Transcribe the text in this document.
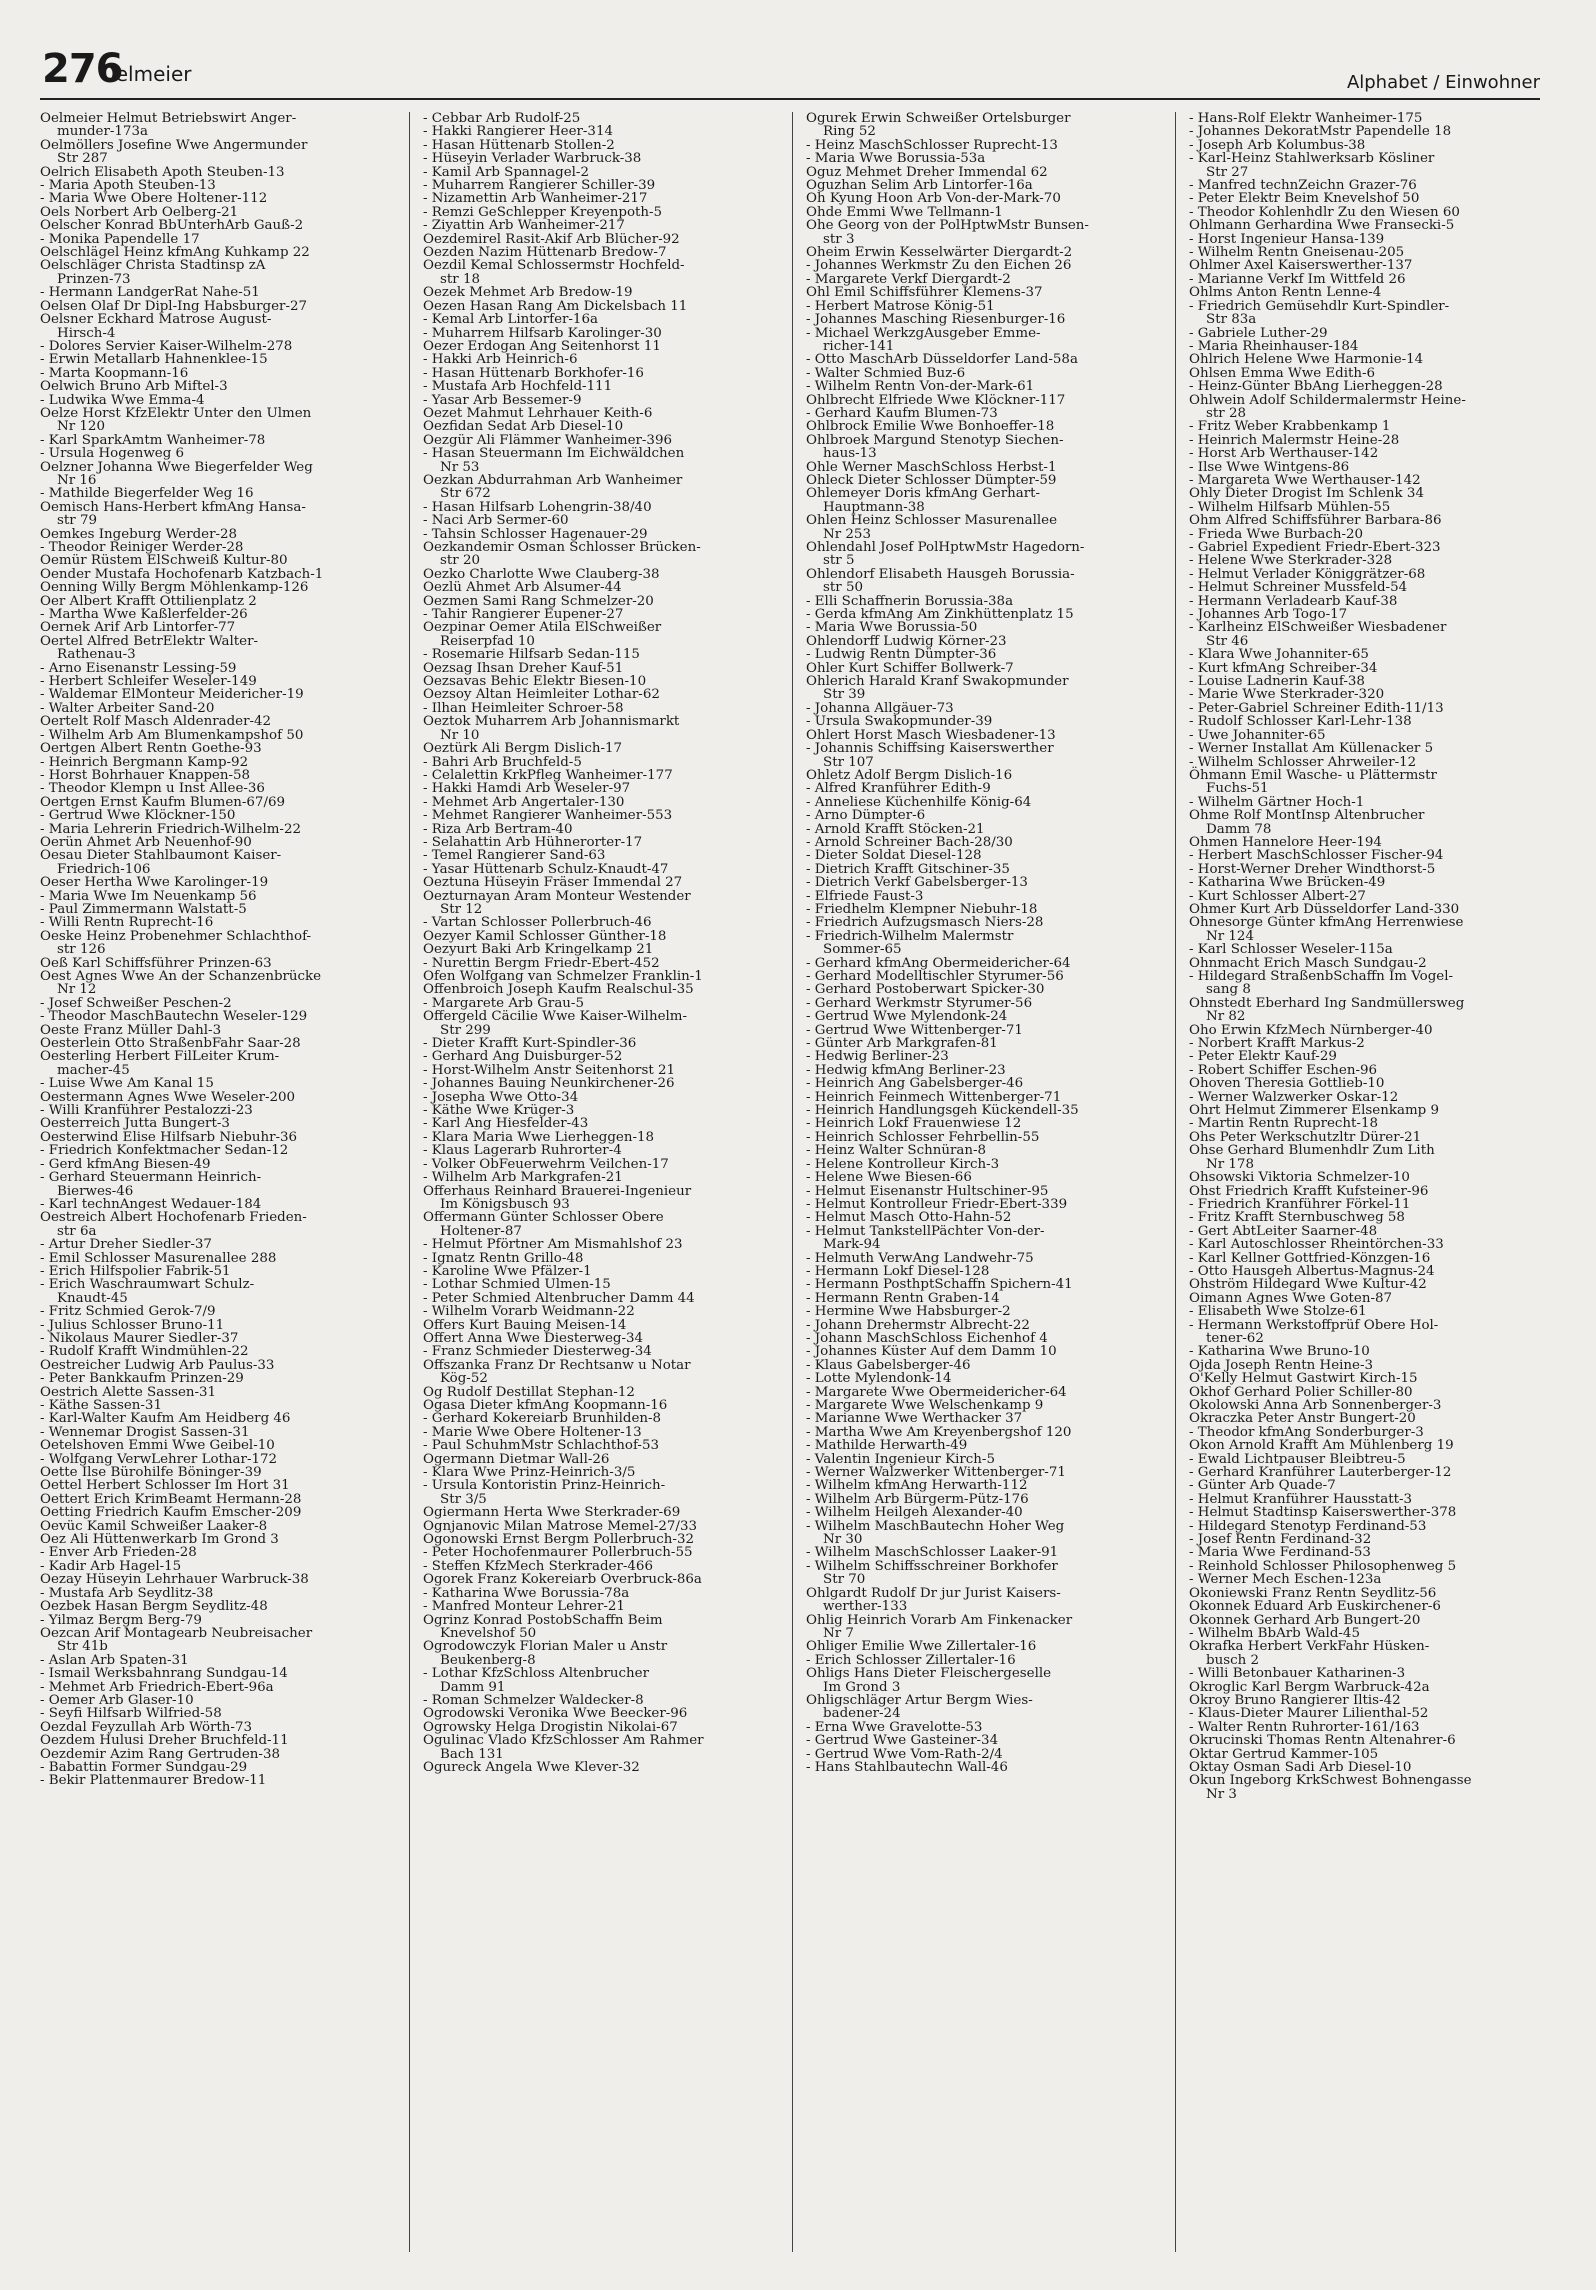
276
Oelmeier	Alphabet / Einwohner

Oelmeier Helmut Betriebswirt Anger-
munder-173a

Oelmöllers Josefine Wwe Angermunder
Str 287

Oelrich Elisabeth Apoth Steuben-13

- Maria Apoth Steuben-13

- Maria Wwe Obere Holtener-112

Oels Norbert Arb Oelberg-21

Oelscher Konrad BbUnterhArb Gauß-2

- Monika Papendelle 17

Oelschlägel Heinz kfmAng Kuhkamp 22

Oelschläger Christa Stadtinsp zA
Prinzen-73

- Hermann LandgerRat Nahe-51

Oelsen Olaf Dr Dipl-Ing Habsburger-27

Oelsner Eckhard Matrose August-
Hirsch-4

- Dolores Servier Kaiser-Wilhelm-278

- Erwin Metallarb Hahnenklee-15

- Marta Koopmann-16

Oelwich Bruno Arb Miftel-3

- Ludwika Wwe Emma-4

Oelze Horst KfzElektr Unter den Ulmen
Nr 120

- Karl SparkAmtm Wanheimer-78

- Ursula Hogenweg 6

Oelzner Johanna Wwe Biegerfelder Weg
Nr 16

- Mathilde Biegerfelder Weg 16

Oemisch Hans-Herbert kfmAng Hansa-
str 79

Oemkes Ingeburg Werder-28

- Theodor Reiniger Werder-28

Oemür Rüstem ElSchweiß Kultur-80

Oender Mustafa Hochofenarb Katzbach-1

Oenning Willy Bergm Möhlenkamp-126

Oer Albert Krafft Ottilienplatz 2

- Martha Wwe Kaßlerfelder-26

Oernek Arif Arb Lintorfer-77

Oertel Alfred BetrElektr Walter-
Rathenau-3

- Arno Eisenanstr Lessing-59

- Herbert Schleifer Weseler-149

- Waldemar ElMonteur Meidericher-19

- Walter Arbeiter Sand-20

Oertelt Rolf Masch Aldenrader-42

- Wilhelm Arb Am Blumenkampshof 50

Oertgen Albert Rentn Goethe-93

- Heinrich Bergmann Kamp-92

- Horst Bohrhauer Knappen-58

- Theodor Klempn u Inst Allee-36

Oertgen Ernst Kaufm Blumen-67/69

- Gertrud Wwe Klöckner-150

- Maria Lehrerin Friedrich-Wilhelm-22

Oerün Ahmet Arb Neuenhof-90

Oesau Dieter Stahlbaumont Kaiser-
Friedrich-106

Oeser Hertha Wwe Karolinger-19

- Maria Wwe Im Neuenkamp 56

- Paul Zimmermann Walstatt-5

- Willi Rentn Ruprecht-16

Oeske Heinz Probenehmer Schlachthof-
str 126

Oeß Karl Schiffsführer Prinzen-63

Oest Agnes Wwe An der Schanzenbrücke
Nr 12

- Josef Schweißer Peschen-2

- Theodor MaschBautechn Weseler-129

Oeste Franz Müller Dahl-3

Oesterlein Otto StraßenbFahr Saar-28

Oesterling Herbert FilLeiter Krum-
macher-45

- Luise Wwe Am Kanal 15

Oestermann Agnes Wwe Weseler-200

- Willi Kranführer Pestalozzi-23

Oesterreich Jutta Bungert-3

Oesterwind Elise Hilfsarb Niebuhr-36

- Friedrich Konfektmacher Sedan-12

- Gerd kfmAng Biesen-49

- Gerhard Steuermann Heinrich-
Bierwes-46

- Karl technAngest Wedauer-184

Oestreich Albert Hochofenarb Frieden-
str 6a

- Artur Dreher Siedler-37

- Emil Schlosser Masurenallee 288

- Erich Hilfspolier Fabrik-51

- Erich Waschraumwart Schulz-
Knaudt-45

- Fritz Schmied Gerok-7/9

- Julius Schlosser Bruno-11

- Nikolaus Maurer Siedler-37

- Rudolf Krafft Windmühlen-22

Oestreicher Ludwig Arb Paulus-33

- Peter Bankkaufm Prinzen-29

Oestrich Alette Sassen-31

- Käthe Sassen-31

- Karl-Walter Kaufm Am Heidberg 46

- Wennemar Drogist Sassen-31

Oetelshoven Emmi Wwe Geibel-10

- Wolfgang VerwLehrer Lothar-172

Oette Ilse Bürohilfe Böninger-39

Oettel Herbert Schlosser Im Hort 31

Oettert Erich KrimBeamt Hermann-28

Oetting Friedrich Kaufm Emscher-209

Oevüc Kamil Schweißer Laaker-8

Oez Ali Hüttenwerkarb Im Grond 3

- Enver Arb Frieden-28

- Kadir Arb Hagel-15

Oezay Hüseyin Lehrhauer Warbruck-38

- Mustafa Arb Seydlitz-38

Oezbek Hasan Bergm Seydlitz-48

- Yilmaz Bergm Berg-79

Oezcan Arif Montagearb Neubreisacher
Str 41b

- Aslan Arb Spaten-31

- Ismail Werksbahnrang Sundgau-14

- Mehmet Arb Friedrich-Ebert-96a

- Oemer Arb Glaser-10

- Seyfi Hilfsarb Wilfried-58

Oezdal Feyzullah Arb Wörth-73

Oezdem Hulusi Dreher Bruchfeld-11

Oezdemir Azim Rang Gertruden-38

- Babattin Former Sundgau-29

- Bekir Plattenmaurer Bredow-11

- Cebbar Arb Rudolf-25

- Hakki Rangierer Heer-314

- Hasan Hüttenarb Stollen-2

- Hüseyin Verlader Warbruck-38

- Kamil Arb Spannagel-2

- Muharrem Rangierer Schiller-39

- Nizamettin Arb Wanheimer-217

- Remzi GeSchlepper Kreyenpoth-5

- Ziyattin Arb Wanheimer-217

Oezdemirel Rasit-Akif Arb Blücher-92

Oezden Nazim Hüttenarb Bredow-7

Oezdil Kemal Schlossermstr Hochfeld-
str 18

Oezek Mehmet Arb Bredow-19

Oezen Hasan Rang Am Dickelsbach 11

- Kemal Arb Lintorfer-16a

- Muharrem Hilfsarb Karolinger-30

Oezer Erdogan Ang Seitenhorst 11

- Hakki Arb Heinrich-6

- Hasan Hüttenarb Borkhofer-16

- Mustafa Arb Hochfeld-111

- Yasar Arb Bessemer-9

Oezet Mahmut Lehrhauer Keith-6

Oezfidan Sedat Arb Diesel-10

Oezgür Ali Flämmer Wanheimer-396

- Hasan Steuermann Im Eichwäldchen
Nr 53

Oezkan Abdurrahman Arb Wanheimer
Str 672

- Hasan Hilfsarb Lohengrin-38/40

- Naci Arb Sermer-60

- Tahsin Schlosser Hagenauer-29

Oezkandemir Osman Schlosser Brücken-
str 20

Oezko Charlotte Wwe Clauberg-38

Oezlü Ahmet Arb Alsumer-44

Oezmen Sami Rang Schmelzer-20

- Tahir Rangierer Eupener-27

Oezpinar Oemer Atila ElSchweißer
Reiserpfad 10

- Rosemarie Hilfsarb Sedan-115

Oezsag Ihsan Dreher Kauf-51

Oezsavas Behic Elektr Biesen-10

Oezsoy Altan Heimleiter Lothar-62

- Ilhan Heimleiter Schroer-58

Oeztok Muharrem Arb Johannismarkt
Nr 10

Oeztürk Ali Bergm Dislich-17

- Bahri Arb Bruchfeld-5

- Celalettin KrkPfleg Wanheimer-177

- Hakki Hamdi Arb Weseler-97

- Mehmet Arb Angertaler-130

- Mehmet Rangierer Wanheimer-553

- Riza Arb Bertram-40

- Selahattin Arb Hühnerorter-17

- Temel Rangierer Sand-63

- Yasar Hüttenarb Schulz-Knaudt-47

Oeztuna Hüseyin Fräser Immendal 27

Oezturnayan Aram Monteur Westender
Str 12

- Vartan Schlosser Pollerbruch-46

Oezyer Kamil Schlosser Günther-18

Oezyurt Baki Arb Kringelkamp 21

- Nurettin Bergm Friedr-Ebert-452

Ofen Wolfgang van Schmelzer Franklin-1

Offenbroich Joseph Kaufm Realschul-35

- Margarete Arb Grau-5

Offergeld Cäcilie Wwe Kaiser-Wilhelm-
Str 299

- Dieter Krafft Kurt-Spindler-36

- Gerhard Ang Duisburger-52

- Horst-Wilhelm Anstr Seitenhorst 21

- Johannes Bauing Neunkirchener-26

- Josepha Wwe Otto-34

- Käthe Wwe Krüger-3

- Karl Ang Hiesfelder-43

- Klara Maria Wwe Lierheggen-18

- Klaus Lagerarb Ruhrorter-4

- Volker ObFeuerwehrm Veilchen-17

- Wilhelm Arb Markgrafen-21

Offerhaus Reinhard Brauerei-Ingenieur
Im Königsbusch 93

Offermann Günter Schlosser Obere
Holtener-87

- Helmut Pförtner Am Mismahlshof 23

- Ignatz Rentn Grillo-48

- Karoline Wwe Pfälzer-1

- Lothar Schmied Ulmen-15

- Peter Schmied Altenbrucher Damm 44

- Wilhelm Vorarb Weidmann-22

Offers Kurt Bauing Meisen-14

Offert Anna Wwe Diesterweg-34

- Franz Schmieder Diesterweg-34

Offszanka Franz Dr Rechtsanw u Notar
Kög-52

Og Rudolf Destillat Stephan-12

Ogasa Dieter kfmAng Koopmann-16

- Gerhard Kokereiarb Brunhilden-8

- Marie Wwe Obere Holtener-13

- Paul SchuhmMstr Schlachthof-53

Ogermann Dietmar Wall-26

- Klara Wwe Prinz-Heinrich-3/5

- Ursula Kontoristin Prinz-Heinrich-
Str 3/5

Ogiermann Herta Wwe Sterkrader-69

Ognjanovic Milan Matrose Memel-27/33

Ogonowski Ernst Bergm Pollerbruch-32

- Peter Hochofenmaurer Pollerbruch-55

- Steffen KfzMech Sterkrader-466

Ogorek Franz Kokereiarb Overbruck-86a

- Katharina Wwe Borussia-78a

- Manfred Monteur Lehrer-21

Ogrinz Konrad PostobSchaffn Beim
Knevelshof 50

Ogrodowczyk Florian Maler u Anstr
Beukenberg-8

- Lothar KfzSchloss Altenbrucher
Damm 91

- Roman Schmelzer Waldecker-8

Ogrodowski Veronika Wwe Beecker-96

Ogrowsky Helga Drogistin Nikolai-67

Ogulinac Vlado KfzSchlosser Am Rahmer
Bach 131

Ogureck Angela Wwe Klever-32

Ogurek Erwin Schweißer Ortelsburger
Ring 52

- Heinz MaschSchlosser Ruprecht-13

- Maria Wwe Borussia-53a

Oguz Mehmet Dreher Immendal 62

Oguzhan Selim Arb Lintorfer-16a

Oh Kyung Hoon Arb Von-der-Mark-70

Ohde Emmi Wwe Tellmann-1

Ohe Georg von der PolHptwMstr Bunsen-
str 3

Oheim Erwin Kesselwärter Diergardt-2

- Johannes Werkmstr Zu den Eichen 26

- Margarete Verkf Diergardt-2

Ohl Emil Schiffsführer Klemens-37

- Herbert Matrose König-51

- Johannes Masching Riesenburger-16

- Michael WerkzgAusgeber Emme-
richer-141

- Otto MaschArb Düsseldorfer Land-58a

- Walter Schmied Buz-6

- Wilhelm Rentn Von-der-Mark-61

Ohlbrecht Elfriede Wwe Klöckner-117

- Gerhard Kaufm Blumen-73

Ohlbrock Emilie Wwe Bonhoeffer-18

Ohlbroek Margund Stenotyp Siechen-
haus-13

Ohle Werner MaschSchloss Herbst-1

Ohleck Dieter Schlosser Dümpter-59

Ohlemeyer Doris kfmAng Gerhart-
Hauptmann-38

Ohlen Heinz Schlosser Masurenallee
Nr 253

Ohlendahl Josef PolHptwMstr Hagedorn-
str 5

Ohlendorf Elisabeth Hausgeh Borussia-
str 50

- Elli Schaffnerin Borussia-38a

- Gerda kfmAng Am Zinkhüttenplatz 15

- Maria Wwe Borussia-50

Ohlendorff Ludwig Körner-23

- Ludwig Rentn Dümpter-36

Ohler Kurt Schiffer Bollwerk-7

Ohlerich Harald Kranf Swakopmunder
Str 39

- Johanna Allgäuer-73

- Ursula Swakopmunder-39

Ohlert Horst Masch Wiesbadener-13

- Johannis Schiffsing Kaiserswerther
Str 107

Ohletz Adolf Bergm Dislich-16

- Alfred Kranführer Edith-9

- Anneliese Küchenhilfe König-64

- Arno Dümpter-6

- Arnold Krafft Stöcken-21

- Arnold Schreiner Bach-28/30

- Dieter Soldat Diesel-128

- Dietrich Krafft Gitschiner-35

- Dietrich Verkf Gabelsberger-13

- Elfriede Faust-3

- Friedhelm Klempner Niebuhr-18

- Friedrich Aufzugsmasch Niers-28

- Friedrich-Wilhelm Malermstr
Sommer-65

- Gerhard kfmAng Obermeidericher-64

- Gerhard Modelltischler Styrumer-56

- Gerhard Postoberwart Spicker-30

- Gerhard Werkmstr Styrumer-56

- Gertrud Wwe Mylendonk-24

- Gertrud Wwe Wittenberger-71

- Günter Arb Markgrafen-81

- Hedwig Berliner-23

- Hedwig kfmAng Berliner-23

- Heinrich Ang Gabelsberger-46

- Heinrich Feinmech Wittenberger-71

- Heinrich Handlungsgeh Kückendell-35

- Heinrich Lokf Frauenwiese 12

- Heinrich Schlosser Fehrbellin-55

- Heinz Walter Schnüran-8

- Helene Kontrolleur Kirch-3

- Helene Wwe Biesen-66

- Helmut Eisenanstr Hultschiner-95

- Helmut Kontrolleur Friedr-Ebert-339

- Helmut Masch Otto-Hahn-52

- Helmut TankstellPächter Von-der-
Mark-94

- Helmuth VerwAng Landwehr-75

- Hermann Lokf Diesel-128

- Hermann PosthptSchaffn Spichern-41

- Hermann Rentn Graben-14

- Hermine Wwe Habsburger-2

- Johann Drehermstr Albrecht-22

- Johann MaschSchloss Eichenhof 4

- Johannes Küster Auf dem Damm 10

- Klaus Gabelsberger-46

- Lotte Mylendonk-14

- Margarete Wwe Obermeidericher-64

- Margarete Wwe Welschenkamp 9

- Marianne Wwe Werthacker 37

- Martha Wwe Am Kreyenbergshof 120

- Mathilde Herwarth-49

- Valentin Ingenieur Kirch-5

- Werner Walzwerker Wittenberger-71

- Wilhelm kfmAng Herwarth-112

- Wilhelm Arb Bürgerm-Pütz-176

- Wilhelm Heilgeh Alexander-40

- Wilhelm MaschBautechn Hoher Weg
Nr 30

- Wilhelm MaschSchlosser Laaker-91

- Wilhelm Schiffsschreiner Borkhofer
Str 70

Ohlgardt Rudolf Dr jur Jurist Kaisers-
werther-133

Ohlig Heinrich Vorarb Am Finkenacker
Nr 7

Ohliger Emilie Wwe Zillertaler-16

- Erich Schlosser Zillertaler-16

Ohligs Hans Dieter Fleischergeselle
Im Grond 3

Ohligschläger Artur Bergm Wies-
badener-24

- Erna Wwe Gravelotte-53

- Gertrud Wwe Gasteiner-34

- Gertrud Wwe Vom-Rath-2/4

- Hans Stahlbautechn Wall-46

- Hans-Rolf Elektr Wanheimer-175

- Johannes DekoratMstr Papendelle 18

- Joseph Arb Kolumbus-38

- Karl-Heinz Stahlwerksarb Kösliner
Str 27

- Manfred technZeichn Grazer-76

- Peter Elektr Beim Knevelshof 50

- Theodor Kohlenhdlr Zu den Wiesen 60

Ohlmann Gerhardina Wwe Fransecki-5

- Horst Ingenieur Hansa-139

- Wilhelm Rentn Gneisenau-205

Ohlmer Axel Kaiserswerther-137

- Marianne Verkf Im Wittfeld 26

Ohlms Anton Rentn Lenne-4

- Friedrich Gemüsehdlr Kurt-Spindler-
Str 83a

- Gabriele Luther-29

- Maria Rheinhauser-184

Ohlrich Helene Wwe Harmonie-14

Ohlsen Emma Wwe Edith-6

- Heinz-Günter BbAng Lierheggen-28

Ohlwein Adolf Schildermalermstr Heine-
str 28

- Fritz Weber Krabbenkamp 1

- Heinrich Malermstr Heine-28

- Horst Arb Werthauser-142

- Ilse Wwe Wintgens-86

- Margareta Wwe Werthauser-142

Ohly Dieter Drogist Im Schlenk 34

- Wilhelm Hilfsarb Mühlen-55

Ohm Alfred Schiffsführer Barbara-86

- Frieda Wwe Burbach-20

- Gabriel Expedient Friedr-Ebert-323

- Helene Wwe Sterkrader-328

- Helmut Verlader Königgrätzer-68

- Helmut Schreiner Mussfeld-54

- Hermann Verladearb Kauf-38

- Johannes Arb Togo-17

- Karlheinz ElSchweißer Wiesbadener
Str 46

- Klara Wwe Johanniter-65

- Kurt kfmAng Schreiber-34

- Louise Ladnerin Kauf-38

- Marie Wwe Sterkrader-320

- Peter-Gabriel Schreiner Edith-11/13

- Rudolf Schlosser Karl-Lehr-138

- Uwe Johanniter-65

- Werner Installat Am Küllenacker 5

- Wilhelm Schlosser Ahrweiler-12

Öhmann Emil Wasche- u Plättermstr
Fuchs-51

- Wilhelm Gärtner Hoch-1

Ohme Rolf MontInsp Altenbrucher
Damm 78

Ohmen Hannelore Heer-194

- Herbert MaschSchlosser Fischer-94

- Horst-Werner Dreher Windthorst-5

- Katharina Wwe Brücken-49

- Kurt Schlosser Albert-27

Ohmer Kurt Arb Düsseldorfer Land-330

Ohnesorge Günter kfmAng Herrenwiese
Nr 124

- Karl Schlosser Weseler-115a

Ohnmacht Erich Masch Sundgau-2

- Hildegard StraßenbSchaffn Im Vogel-
sang 8

Ohnstedt Eberhard Ing Sandmüllersweg
Nr 82

Oho Erwin KfzMech Nürnberger-40

- Norbert Krafft Markus-2

- Peter Elektr Kauf-29

- Robert Schiffer Eschen-96

Ohoven Theresia Gottlieb-10

- Werner Walzwerker Oskar-12

Ohrt Helmut Zimmerer Elsenkamp 9

- Martin Rentn Ruprecht-18

Ohs Peter Werkschutzltr Dürer-21

Ohse Gerhard Blumenhdlr Zum Lith
Nr 178

Ohsowski Viktoria Schmelzer-10

Ohst Friedrich Krafft Kufsteiner-96

- Friedrich Kranführer Förkel-11

- Fritz Krafft Sternbuschweg 58

- Gert AbtLeiter Saarner-48

- Karl Autoschlosser Rheintörchen-33

- Karl Kellner Gottfried-Könzgen-16

- Otto Hausgeh Albertus-Magnus-24

Ohström Hildegard Wwe Kultur-42

Oimann Agnes Wwe Goten-87

- Elisabeth Wwe Stolze-61

- Hermann Werkstoffprüf Obere Hol-
tener-62

- Katharina Wwe Bruno-10

Ojda Joseph Rentn Heine-3

O'Kelly Helmut Gastwirt Kirch-15

Okhof Gerhard Polier Schiller-80

Okolowski Anna Arb Sonnenberger-3

Okraczka Peter Anstr Bungert-20

- Theodor kfmAng Sonderburger-3

Okon Arnold Krafft Am Mühlenberg 19

- Ewald Lichtpauser Bleibtreu-5

- Gerhard Kranführer Lauterberger-12

- Günter Arb Quade-7

- Helmut Kranführer Hausstatt-3

- Helmut Stadtinsp Kaiserswerther-378

- Hildegard Stenotyp Ferdinand-53

- Josef Rentn Ferdinand-32

- Maria Wwe Ferdinand-53

- Reinhold Schlosser Philosophenweg 5

- Werner Mech Eschen-123a

Okoniewski Franz Rentn Seydlitz-56

Okonnek Eduard Arb Euskirchener-6

Okonnek Gerhard Arb Bungert-20

- Wilhelm BbArb Wald-45

Okrafka Herbert VerkFahr Hüsken-
busch 2

- Willi Betonbauer Katharinen-3

Okroglic Karl Bergm Warbruck-42a

Okroy Bruno Rangierer Iltis-42

- Klaus-Dieter Maurer Lilienthal-52

- Walter Rentn Ruhrorter-161/163

Okrucinski Thomas Rentn Altenahrer-6

Oktar Gertrud Kammer-105

Oktay Osman Sadi Arb Diesel-10

Okun Ingeborg KrkSchwest Bohnengasse
Nr 3
